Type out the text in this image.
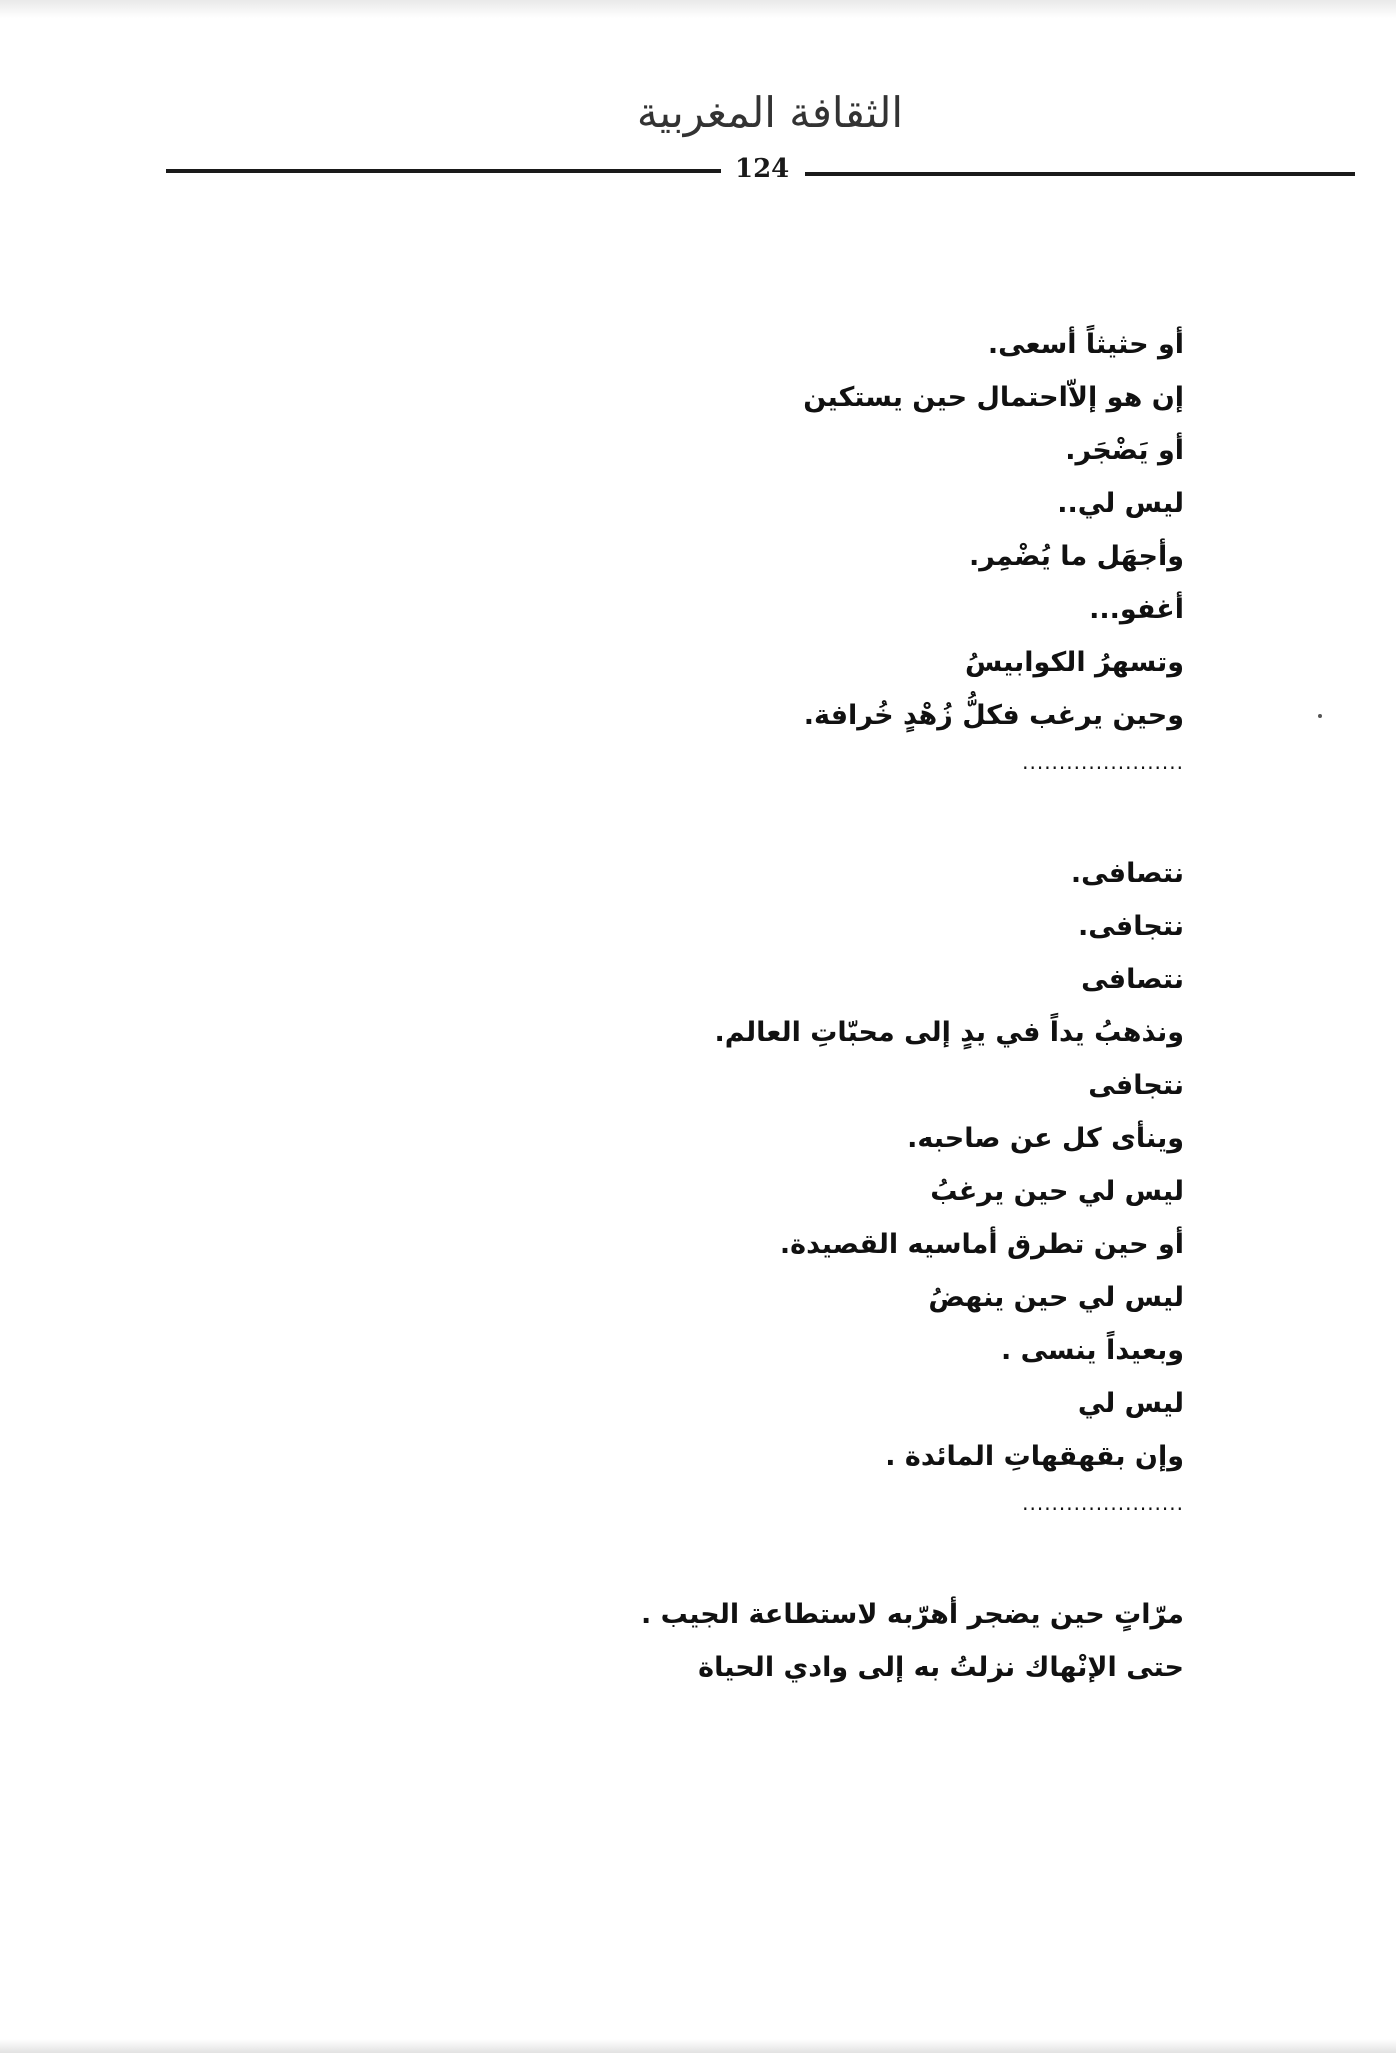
الثقافة المغربية
124
أو حثيثاً أسعى.
إن هو إلاّاحتمال حين يستكين
أو يَضْجَر.
ليس لي..
وأجهَل ما يُضْمِر.
أغفو...
وتسهرُ الكوابيسُ
وحين يرغب فكلُّ زُهْدٍ خُرافة.
......................
نتصافى.
نتجافى.
نتصافى
ونذهبُ يداً في يدٍ إلى محبّاتِ العالم.
نتجافى
وينأى كل عن صاحبه.
ليس لي حين يرغبُ
أو حين تطرق أماسيه القصيدة.
ليس لي حين ينهضُ
وبعيداً ينسى .
ليس لي
وإن بقهقهاتِ المائدة .
......................
مرّاتٍ حين يضجر أهرّبه لاستطاعة الجيب .
حتى الإنْهاك نزلتُ به إلى وادي الحياة
